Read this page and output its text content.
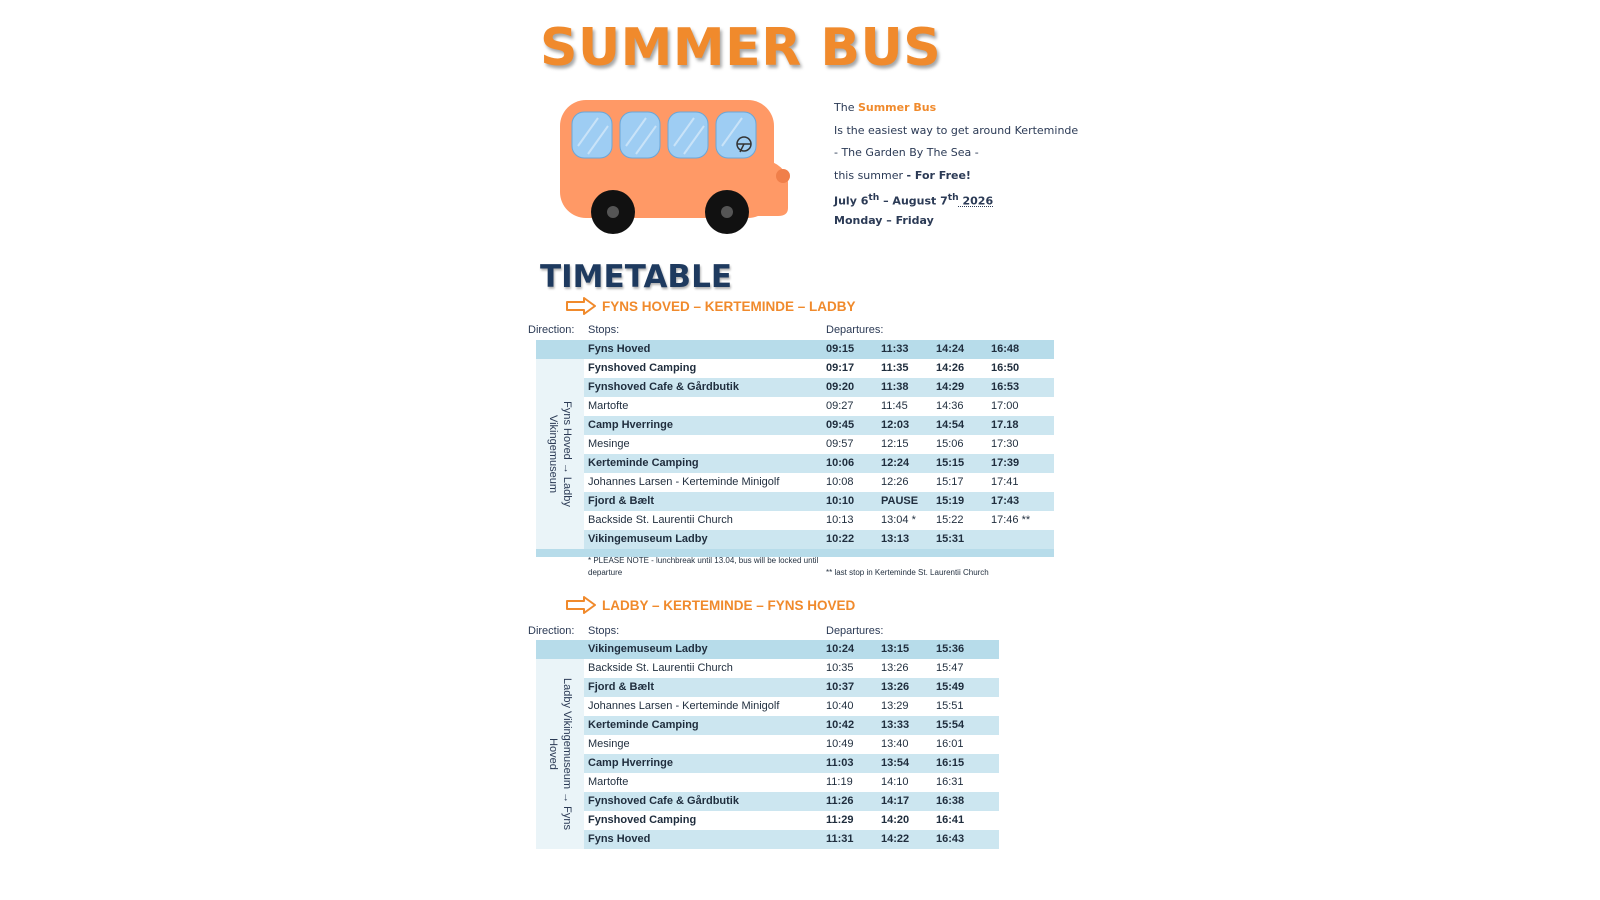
SUMMER BUS
The Summer Bus
Is the easiest way to get around Kerteminde
- The Garden By The Sea -
this summer - For Free!
July 6th – August 7th 2026
Monday – Friday
TIMETABLE
FYNS HOVED – KERTEMINDE – LADBY
Direction: Stops:	Departures:
Fyns Hoved	09:15 11:33 14:24 16:48
Fynshoved Camping	09:17 11:35 14:26 16:50
Fynshoved Cafe & Gårdbutik	09:20 11:38 14:29 16:53
Martofte	09:27 11:45	14:36 17:00
Camp Hverringe	09:45 12:03 14:54 17.18
Mesinge	09:57 12:15 15:06 17:30
Kerteminde Camping	10:06 12:24 15:15 17:39
Johannes Larsen - Kerteminde Minigolf	10:08 12:26 15:17 17:41
Fjord & Bælt	10:10 PAUSE 15:19 17:43
Backside St. Laurentii Church	10:13 13:04 * 15:22 17:46 **
Vikingemuseum Ladby	10:22 13:13 15:31
Fyns Hoved → Ladby Vikingemuseum
* PLEASE NOTE - lunchbreak until 13.04, bus will be locked until departure	** last stop in Kerteminde St. Laurentii Church
LADBY – KERTEMINDE – FYNS HOVED
Direction: Stops:	Departures:
Vikingemuseum Ladby	10:24 13:15 15:36
Backside St. Laurentii Church	10:35 13:26 15:47
Fjord & Bælt	10:37 13:26 15:49
Johannes Larsen - Kerteminde Minigolf	10:40 13:29 15:51
Kerteminde Camping	10:42 13:33 15:54
Mesinge	10:49 13:40 16:01
Camp Hverringe	11:03 13:54 16:15
Martofte	11:19	14:10 16:31
Fynshoved Cafe & Gårdbutik	11:26 14:17 16:38
Fynshoved Camping	11:29 14:20 16:41
Fyns Hoved	11:31 14:22 16:43
Ladby Vikingemuseum → Fyns Hoved
